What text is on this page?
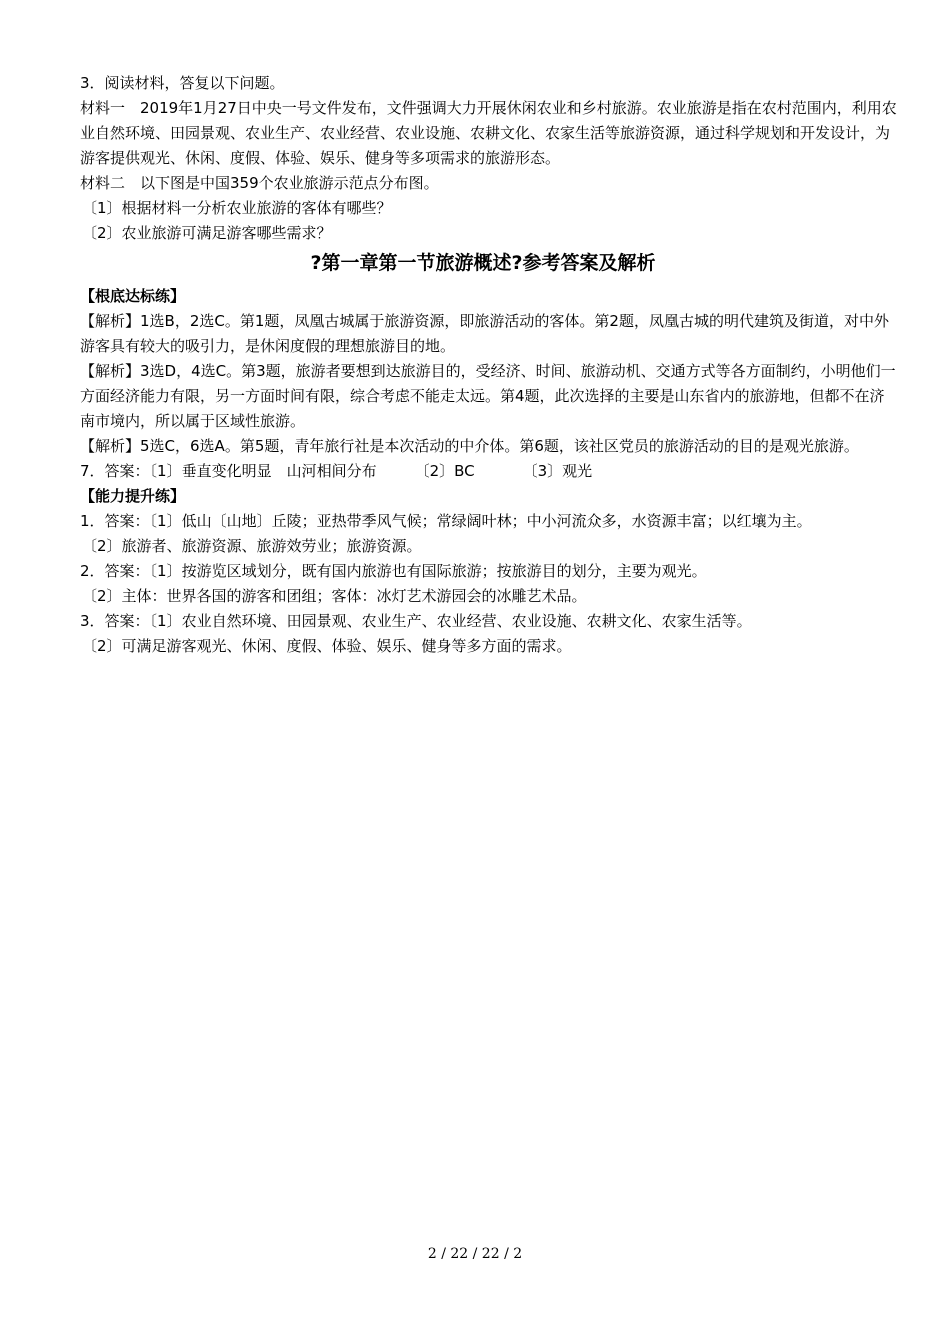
3．阅读材料，答复以下问题。

材料一　2019年1月27日中央一号文件发布，文件强调大力开展休闲农业和乡村旅游。农业旅游是指在农村范围内，利用农业自然环境、田园景观、农业生产、农业经营、农业设施、农耕文化、农家生活等旅游资源，通过科学规划和开发设计，为游客提供观光、休闲、度假、体验、娱乐、健身等多项需求的旅游形态。

材料二　以下图是中国359个农业旅游示范点分布图。

〔1〕根据材料一分析农业旅游的客体有哪些？

〔2〕农业旅游可满足游客哪些需求？

?第一章第一节旅游概述?参考答案及解析

【根底达标练】

【解析】1选B，2选C。第1题，凤凰古城属于旅游资源，即旅游活动的客体。第2题，凤凰古城的明代建筑及街道，对中外游客具有较大的吸引力，是休闲度假的理想旅游目的地。

【解析】3选D，4选C。第3题，旅游者要想到达旅游目的，受经济、时间、旅游动机、交通方式等各方面制约，小明他们一方面经济能力有限，另一方面时间有限，综合考虑不能走太远。第4题，此次选择的主要是山东省内的旅游地，但都不在济南市境内，所以属于区域性旅游。

【解析】5选C，6选A。第5题，青年旅行社是本次活动的中介体。第6题，该社区党员的旅游活动的目的是观光旅游。

7．答案：〔1〕垂直变化明显　山河相间分布	〔2〕BC	〔3〕观光

【能力提升练】

1．答案：〔1〕低山〔山地〕丘陵；亚热带季风气候；常绿阔叶林；中小河流众多，水资源丰富；以红壤为主。

〔2〕旅游者、旅游资源、旅游效劳业；旅游资源。

2．答案：〔1〕按游览区域划分，既有国内旅游也有国际旅游；按旅游目的划分，主要为观光。

〔2〕主体：世界各国的游客和团组；客体：冰灯艺术游园会的冰雕艺术品。

3．答案：〔1〕农业自然环境、田园景观、农业生产、农业经营、农业设施、农耕文化、农家生活等。

〔2〕可满足游客观光、休闲、度假、体验、娱乐、健身等多方面的需求。

2 / 22 / 22 / 2
